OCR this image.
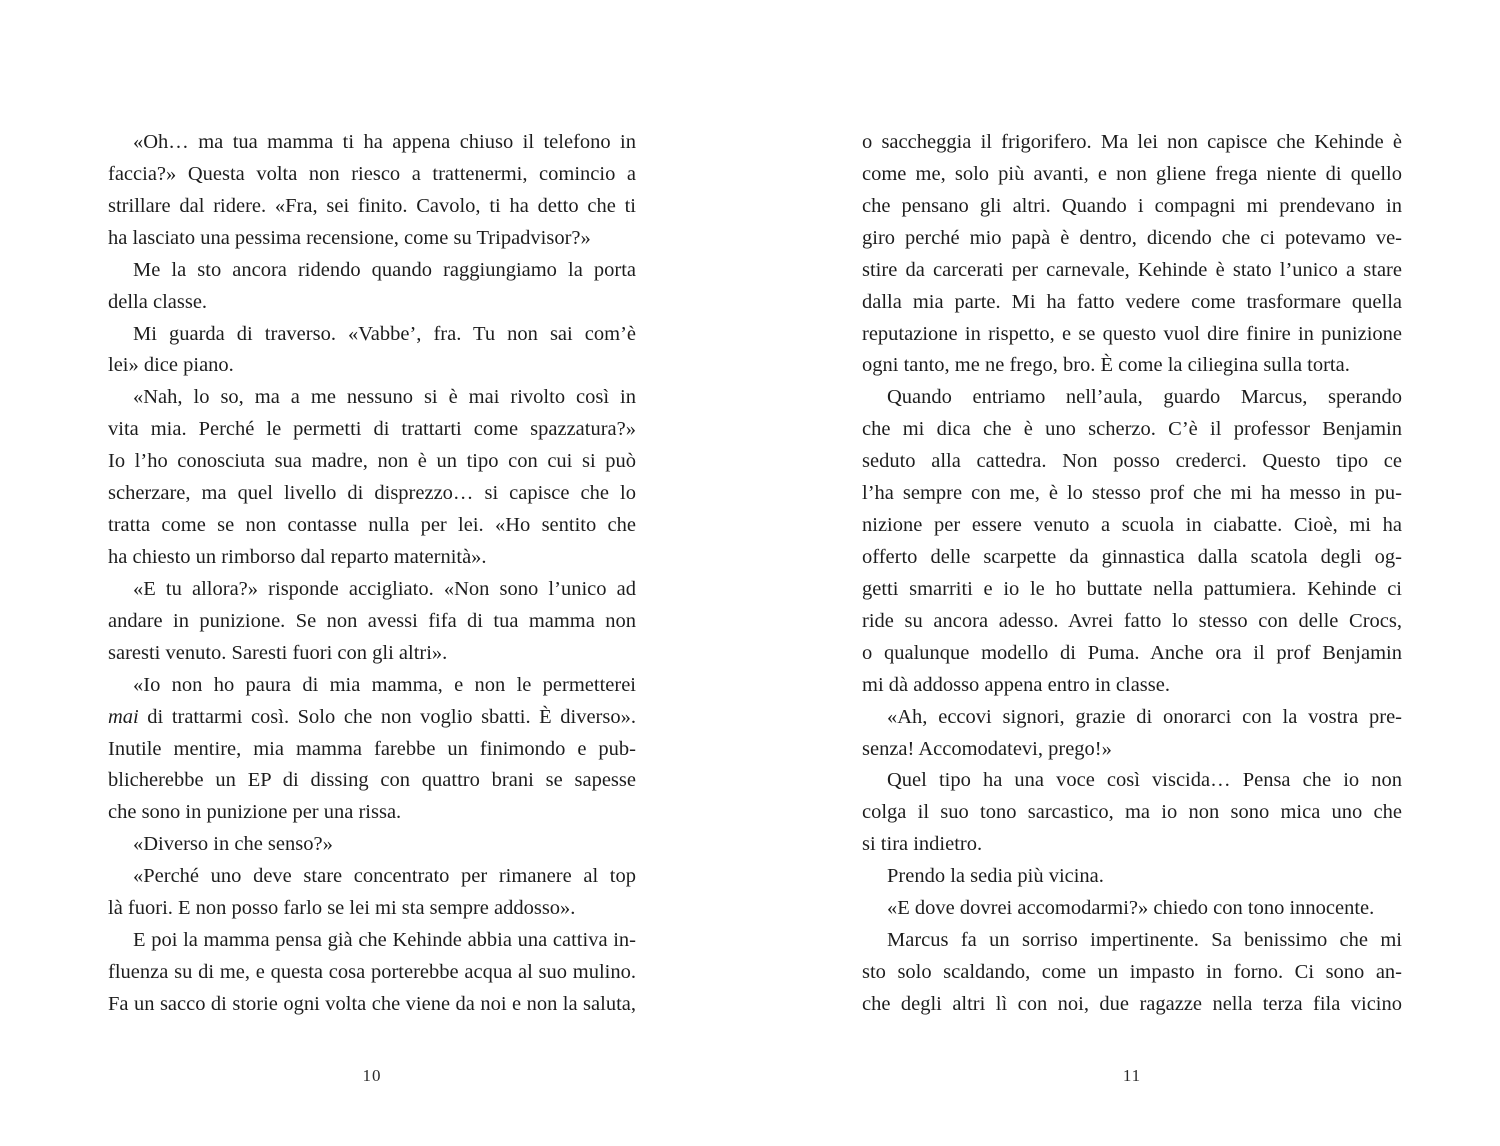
«Oh… ma tua mamma ti ha appena chiuso il telefono in
faccia?» Questa volta non riesco a trattenermi, comincio a
strillare dal ridere. «Fra, sei finito. Cavolo, ti ha detto che ti
ha lasciato una pessima recensione, come su Tripadvisor?»
Me la sto ancora ridendo quando raggiungiamo la porta
della classe.
Mi guarda di traverso. «Vabbe’, fra. Tu non sai com’è
lei» dice piano.
«Nah, lo so, ma a me nessuno si è mai rivolto così in
vita mia. Perché le permetti di trattarti come spazzatura?»
Io l’ho conosciuta sua madre, non è un tipo con cui si può
scherzare, ma quel livello di disprezzo… si capisce che lo
tratta come se non contasse nulla per lei. «Ho sentito che
ha chiesto un rimborso dal reparto maternità».
«E tu allora?» risponde accigliato. «Non sono l’unico ad
andare in punizione. Se non avessi fifa di tua mamma non
saresti venuto. Saresti fuori con gli altri».
«Io non ho paura di mia mamma, e non le permetterei
mai di trattarmi così. Solo che non voglio sbatti. È diverso».
Inutile mentire, mia mamma farebbe un finimondo e pub-
blicherebbe un EP di dissing con quattro brani se sapesse
che sono in punizione per una rissa.
«Diverso in che senso?»
«Perché uno deve stare concentrato per rimanere al top
là fuori. E non posso farlo se lei mi sta sempre addosso».
E poi la mamma pensa già che Kehinde abbia una cattiva in-
fluenza su di me, e questa cosa porterebbe acqua al suo mulino.
Fa un sacco di storie ogni volta che viene da noi e non la saluta,
10
o saccheggia il frigorifero. Ma lei non capisce che Kehinde è
come me, solo più avanti, e non gliene frega niente di quello
che pensano gli altri. Quando i compagni mi prendevano in
giro perché mio papà è dentro, dicendo che ci potevamo ve-
stire da carcerati per carnevale, Kehinde è stato l’unico a stare
dalla mia parte. Mi ha fatto vedere come trasformare quella
reputazione in rispetto, e se questo vuol dire finire in punizione
ogni tanto, me ne frego, bro. È come la ciliegina sulla torta.
Quando entriamo nell’aula, guardo Marcus, sperando
che mi dica che è uno scherzo. C’è il professor Benjamin
seduto alla cattedra. Non posso crederci. Questo tipo ce
l’ha sempre con me, è lo stesso prof che mi ha messo in pu-
nizione per essere venuto a scuola in ciabatte. Cioè, mi ha
offerto delle scarpette da ginnastica dalla scatola degli og-
getti smarriti e io le ho buttate nella pattumiera. Kehinde ci
ride su ancora adesso. Avrei fatto lo stesso con delle Crocs,
o qualunque modello di Puma. Anche ora il prof Benjamin
mi dà addosso appena entro in classe.
«Ah, eccovi signori, grazie di onorarci con la vostra pre-
senza! Accomodatevi, prego!»
Quel tipo ha una voce così viscida… Pensa che io non
colga il suo tono sarcastico, ma io non sono mica uno che
si tira indietro.
Prendo la sedia più vicina.
«E dove dovrei accomodarmi?» chiedo con tono innocente.
Marcus fa un sorriso impertinente. Sa benissimo che mi
sto solo scaldando, come un impasto in forno. Ci sono an-
che degli altri lì con noi, due ragazze nella terza fila vicino
11
